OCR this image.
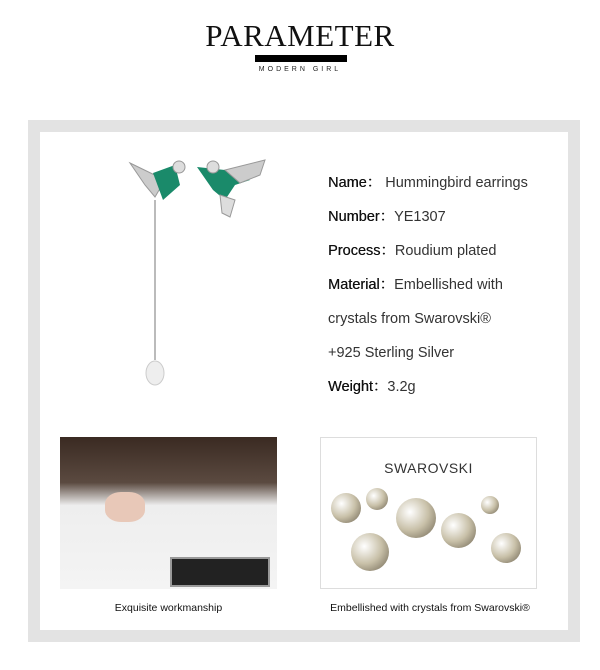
PARAMETER
MODERN GIRL
Name： Hummingbird earrings
Number：YE1307
Process：Roudium plated
Material：Embellished with
crystals from Swarovski®
+925 Sterling Silver
Weight：3.2g
Exquisite workmanship
SWAROVSKI
Embellished with crystals from Swarovski®
